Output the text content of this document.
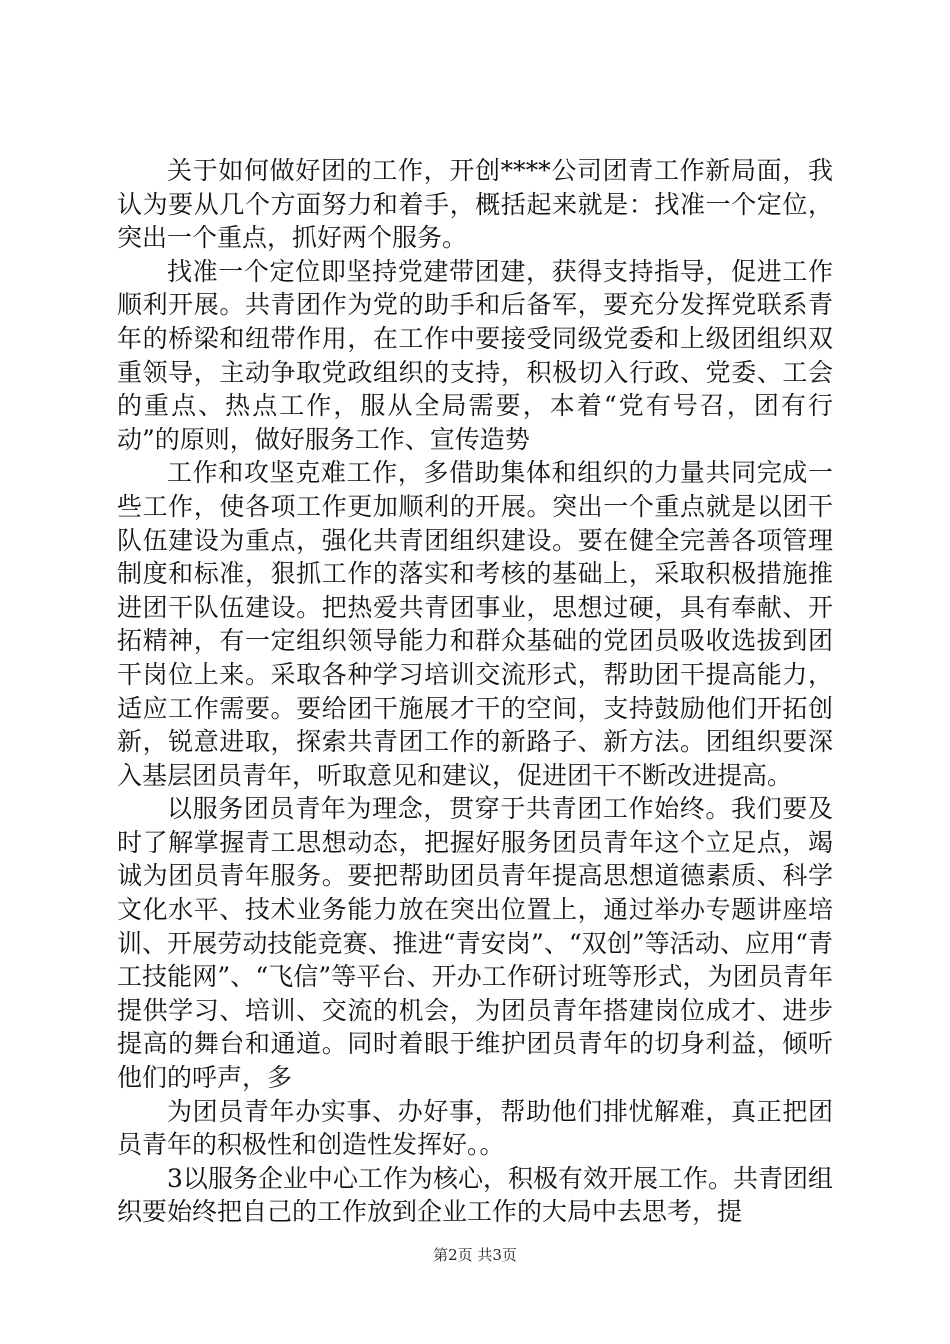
关于如何做好团的工作，开创****公司团青工作新局面，我认为要从几个方面努力和着手，概括起来就是：找准一个定位，突出一个重点，抓好两个服务。

找准一个定位即坚持党建带团建，获得支持指导，促进工作顺利开展。共青团作为党的助手和后备军，要充分发挥党联系青年的桥梁和纽带作用，在工作中要接受同级党委和上级团组织双重领导，主动争取党政组织的支持，积极切入行政、党委、工会的重点、热点工作，服从全局需要，本着“党有号召，团有行动”的原则，做好服务工作、宣传造势

工作和攻坚克难工作，多借助集体和组织的力量共同完成一些工作，使各项工作更加顺利的开展。突出一个重点就是以团干队伍建设为重点，强化共青团组织建设。要在健全完善各项管理制度和标准，狠抓工作的落实和考核的基础上，采取积极措施推进团干队伍建设。把热爱共青团事业，思想过硬，具有奉献、开拓精神，有一定组织领导能力和群众基础的党团员吸收选拔到团干岗位上来。采取各种学习培训交流形式，帮助团干提高能力，适应工作需要。要给团干施展才干的空间，支持鼓励他们开拓创新，锐意进取，探索共青团工作的新路子、新方法。团组织要深入基层团员青年，听取意见和建议，促进团干不断改进提高。

以服务团员青年为理念，贯穿于共青团工作始终。我们要及时了解掌握青工思想动态，把握好服务团员青年这个立足点，竭诚为团员青年服务。要把帮助团员青年提高思想道德素质、科学文化水平、技术业务能力放在突出位置上，通过举办专题讲座培训、开展劳动技能竞赛、推进“青安岗”、“双创”等活动、应用“青工技能网”、“飞信”等平台、开办工作研讨班等形式，为团员青年提供学习、培训、交流的机会，为团员青年搭建岗位成才、进步提高的舞台和通道。同时着眼于维护团员青年的切身利益，倾听他们的呼声，多

为团员青年办实事、办好事，帮助他们排忧解难，真正把团员青年的积极性和创造性发挥好。。

3以服务企业中心工作为核心，积极有效开展工作。共青团组织要始终把自己的工作放到企业工作的大局中去思考，提

第2页 共3页
